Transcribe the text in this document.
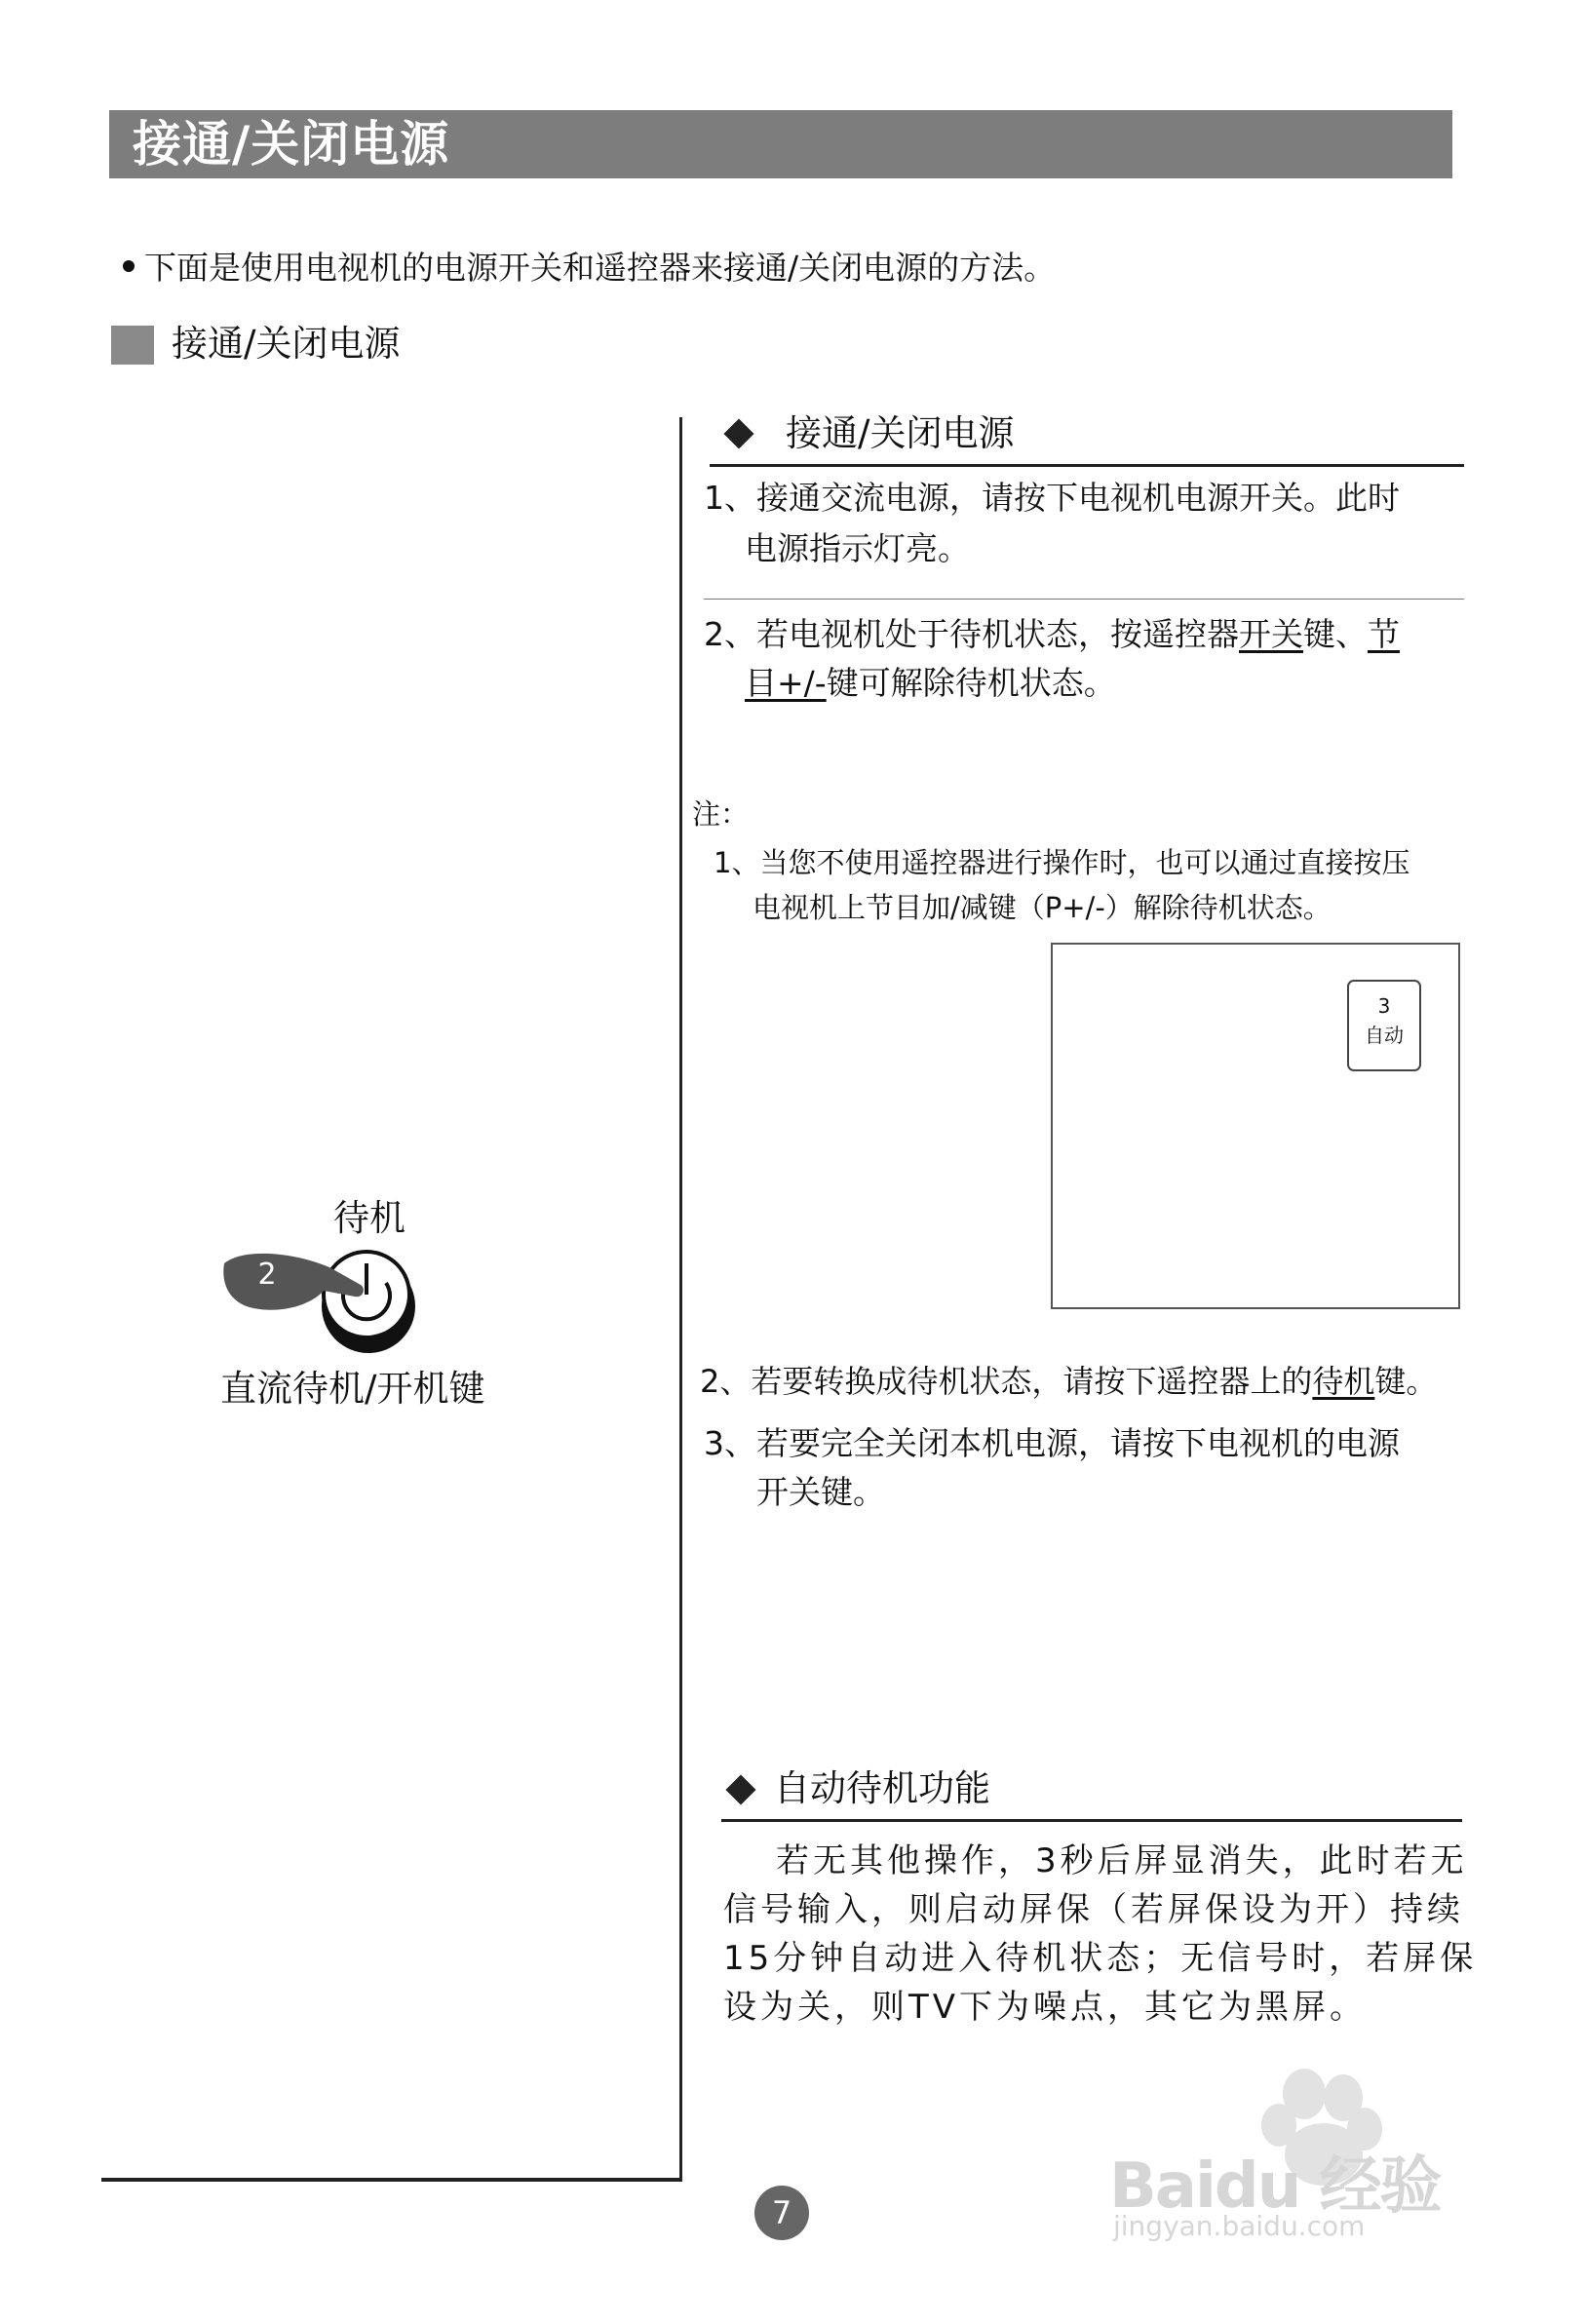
接通/关闭电源
下面是使用电视机的电源开关和遥控器来接通/关闭电源的方法。
接通/关闭电源
接通/关闭电源
1、接通交流电源，请按下电视机电源开关。此时
电源指示灯亮。
2、若电视机处于待机状态，按遥控器开关键、节
目+/-键可解除待机状态。
注：
1、当您不使用遥控器进行操作时，也可以通过直接按压
电视机上节目加/减键（P+/-）解除待机状态。
3
自动
2、若要转换成待机状态，请按下遥控器上的待机键。
3、若要完全关闭本机电源，请按下电视机的电源
开关键。
自动待机功能
若无其他操作，3秒后屏显消失，此时若无
信号输入，则启动屏保（若屏保设为开）持续
15分钟自动进入待机状态；无信号时，若屏保
设为关，则TV下为噪点，其它为黑屏。
待机
2
直流待机/开机键
7	Baidu 经验
jingyan.baidu.com
